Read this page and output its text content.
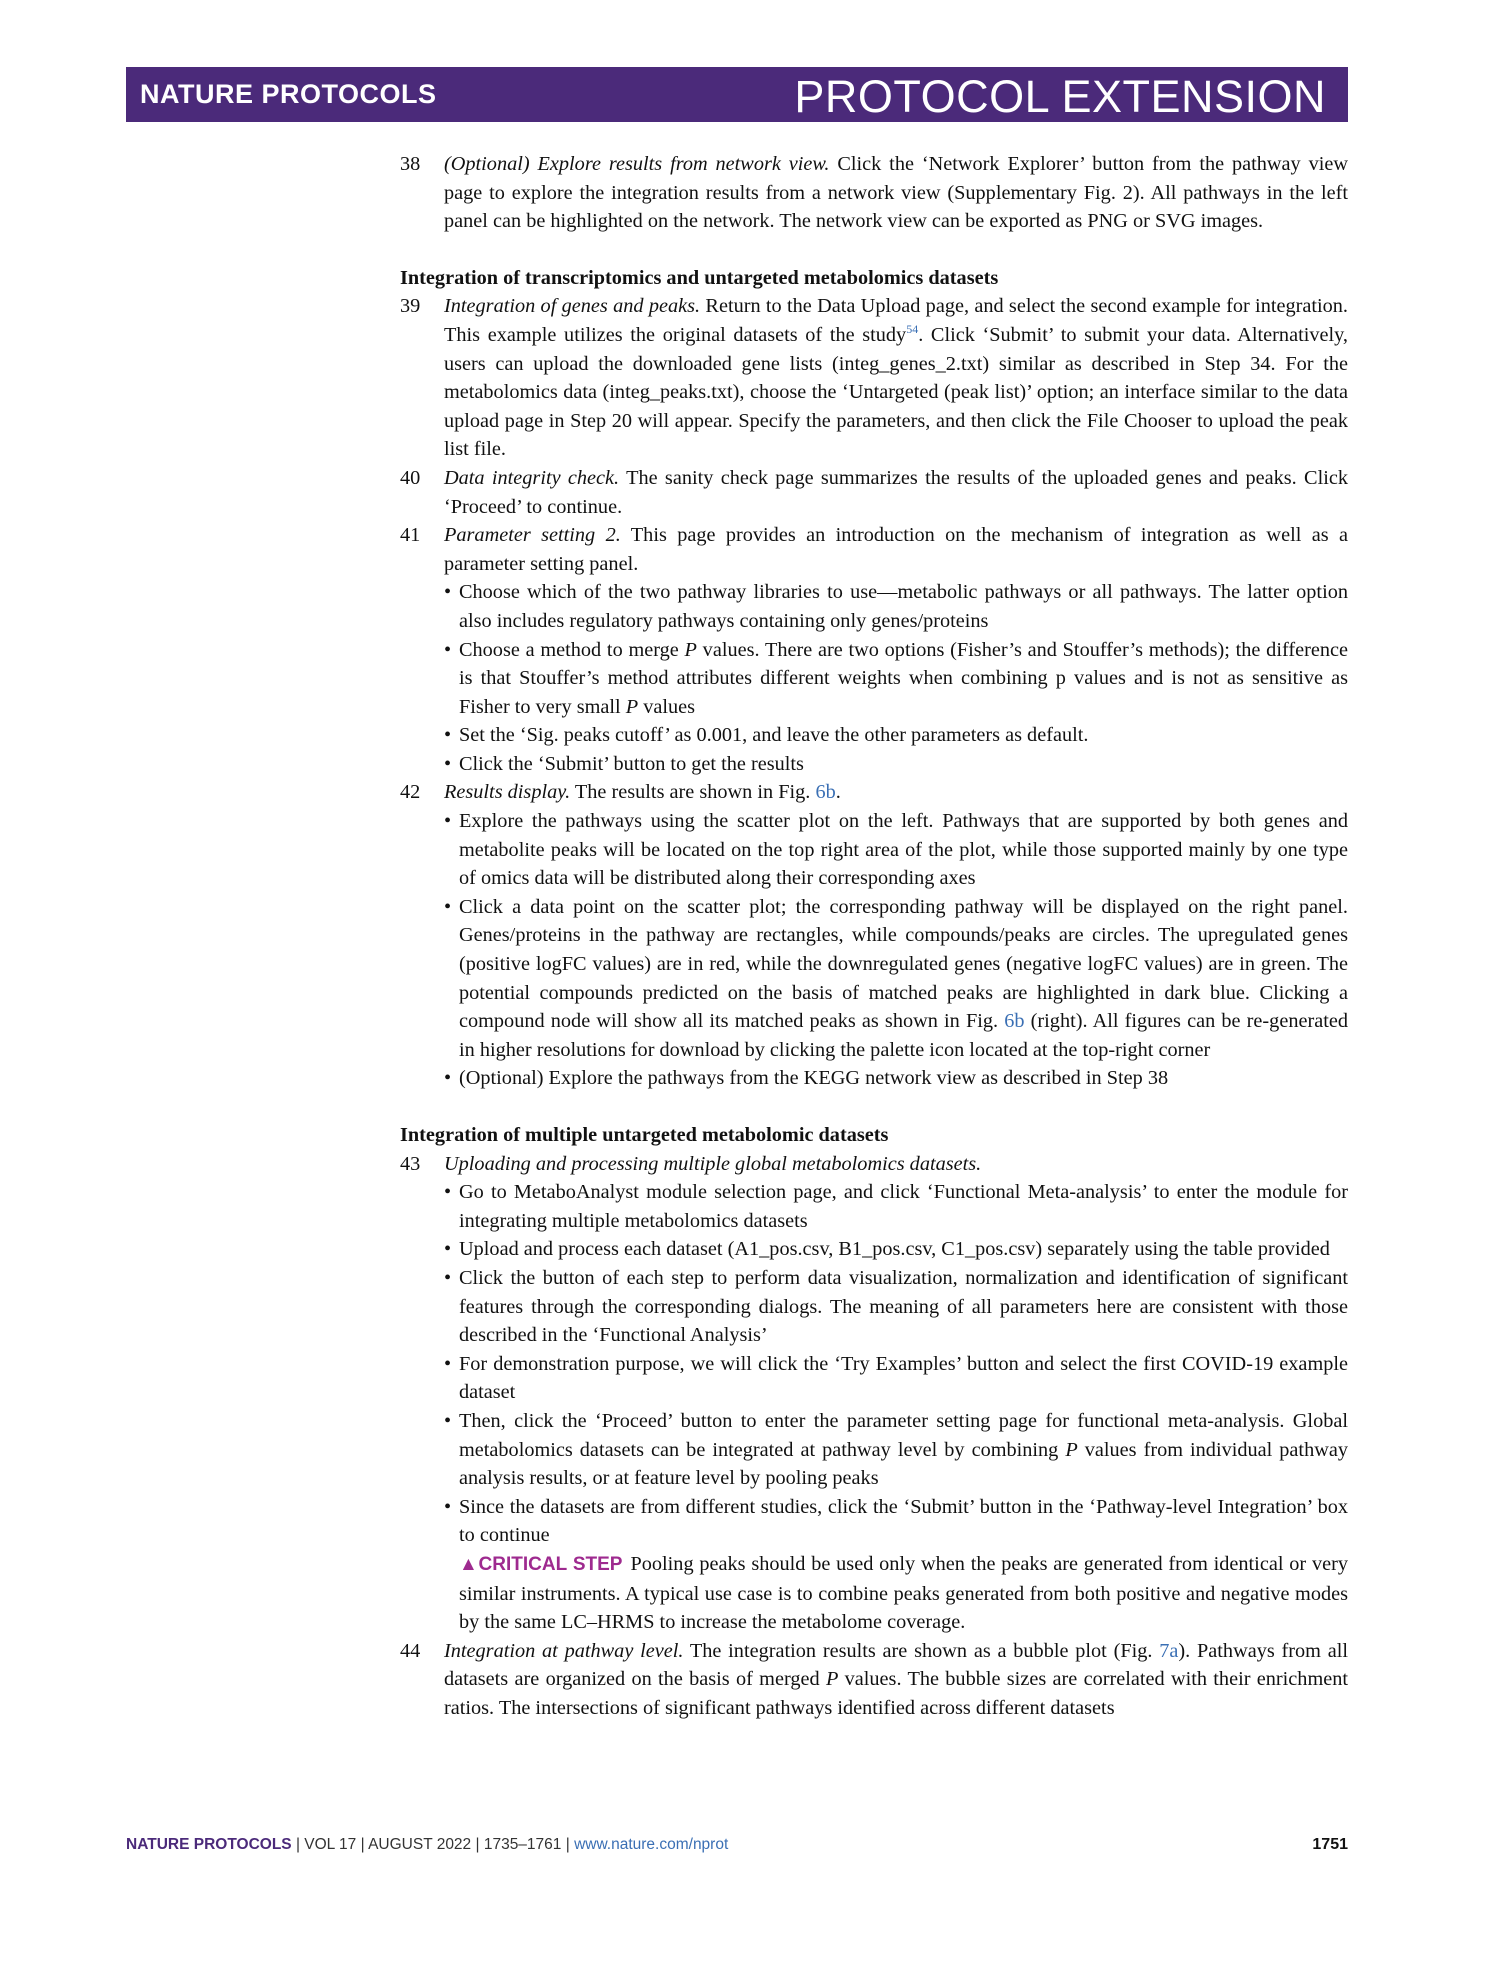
NATURE PROTOCOLS	PROTOCOL EXTENSION
38 (Optional) Explore results from network view. Click the ‘Network Explorer’ button from the pathway view page to explore the integration results from a network view (Supplementary Fig. 2). All pathways in the left panel can be highlighted on the network. The network view can be exported as PNG or SVG images.
Integration of transcriptomics and untargeted metabolomics datasets
39 Integration of genes and peaks. Return to the Data Upload page, and select the second example for integration. This example utilizes the original datasets of the study$^{54}$. Click ‘Submit’ to submit your data. Alternatively, users can upload the downloaded gene lists (integ_genes_2.txt) similar as described in Step 34. For the metabolomics data (integ_peaks.txt), choose the ‘Untargeted (peak list)’ option; an interface similar to the data upload page in Step 20 will appear. Specify the parameters, and then click the File Chooser to upload the peak list file.
40 Data integrity check. The sanity check page summarizes the results of the uploaded genes and peaks. Click ‘Proceed’ to continue.
41 Parameter setting 2. This page provides an introduction on the mechanism of integration as well as a parameter setting panel.
• Choose which of the two pathway libraries to use—metabolic pathways or all pathways. The latter option also includes regulatory pathways containing only genes/proteins
• Choose a method to merge P values. There are two options (Fisher’s and Stouffer’s methods); the difference is that Stouffer’s method attributes different weights when combining p values and is not as sensitive as Fisher to very small P values
• Set the ‘Sig. peaks cutoff’ as 0.001, and leave the other parameters as default.
• Click the ‘Submit’ button to get the results
42 Results display. The results are shown in Fig. 6b.
• Explore the pathways using the scatter plot on the left. Pathways that are supported by both genes and metabolite peaks will be located on the top right area of the plot, while those supported mainly by one type of omics data will be distributed along their corresponding axes
• Click a data point on the scatter plot; the corresponding pathway will be displayed on the right panel. Genes/proteins in the pathway are rectangles, while compounds/peaks are circles. The upregulated genes (positive logFC values) are in red, while the downregulated genes (negative logFC values) are in green. The potential compounds predicted on the basis of matched peaks are highlighted in dark blue. Clicking a compound node will show all its matched peaks as shown in Fig. 6b (right). All figures can be re-generated in higher resolutions for download by clicking the palette icon located at the top-right corner
• (Optional) Explore the pathways from the KEGG network view as described in Step 38
Integration of multiple untargeted metabolomic datasets
43 Uploading and processing multiple global metabolomics datasets.
• Go to MetaboAnalyst module selection page, and click ‘Functional Meta-analysis’ to enter the module for integrating multiple metabolomics datasets
• Upload and process each dataset (A1_pos.csv, B1_pos.csv, C1_pos.csv) separately using the table provided
• Click the button of each step to perform data visualization, normalization and identification of significant features through the corresponding dialogs. The meaning of all parameters here are consistent with those described in the ‘Functional Analysis’
• For demonstration purpose, we will click the ‘Try Examples’ button and select the first COVID-19 example dataset
• Then, click the ‘Proceed’ button to enter the parameter setting page for functional meta-analysis. Global metabolomics datasets can be integrated at pathway level by combining P values from individual pathway analysis results, or at feature level by pooling peaks
• Since the datasets are from different studies, click the ‘Submit’ button in the ‘Pathway-level Integration’ box to continue
▲CRITICAL STEP Pooling peaks should be used only when the peaks are generated from identical or very similar instruments. A typical use case is to combine peaks generated from both positive and negative modes by the same LC–HRMS to increase the metabolome coverage.
44 Integration at pathway level. The integration results are shown as a bubble plot (Fig. 7a). Pathways from all datasets are organized on the basis of merged P values. The bubble sizes are correlated with their enrichment ratios. The intersections of significant pathways identified across different datasets
NATURE PROTOCOLS | VOL 17 | AUGUST 2022 | 1735–1761 | www.nature.com/nprot	1751
